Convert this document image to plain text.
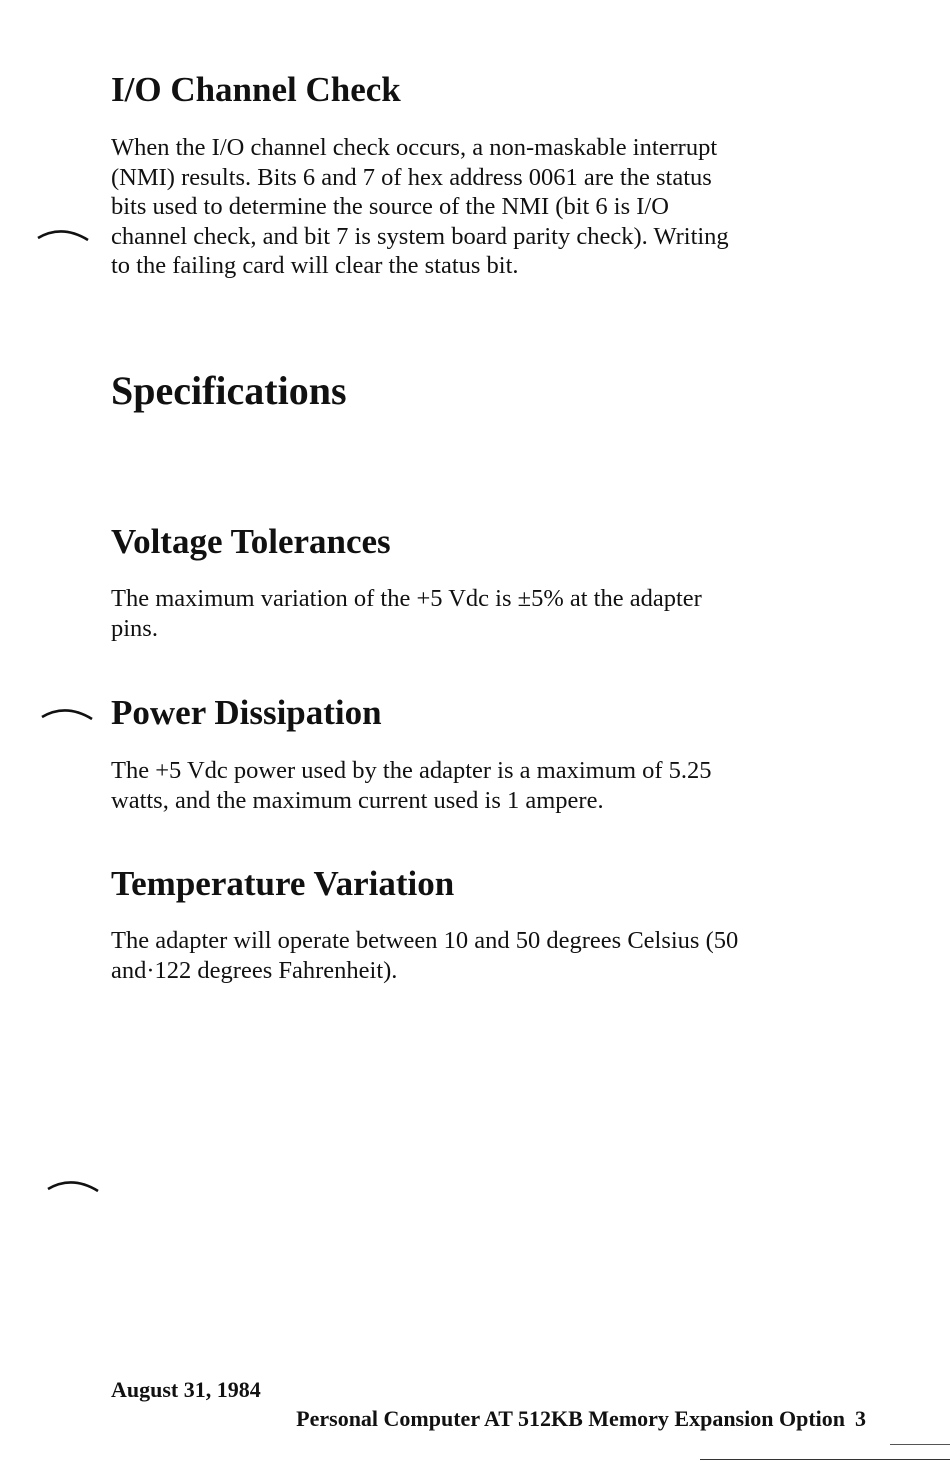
I/O Channel Check

When the I/O channel check occurs, a non-maskable interrupt
(NMI) results. Bits 6 and 7 of hex address 0061 are the status
bits used to determine the source of the NMI (bit 6 is I/O
channel check, and bit 7 is system board parity check). Writing
to the failing card will clear the status bit.

Specifications
Voltage Tolerances

The maximum variation of the +5 Vdc is ±5% at the adapter
pins.

Power Dissipation

The +5 Vdc power used by the adapter is a maximum of 5.25
watts, and the maximum current used is 1 ampere.

Temperature Variation

The adapter will operate between 10 and 50 degrees Celsius (50
and·122 degrees Fahrenheit).

August 31, 1984

Personal Computer AT 512KB Memory Expansion Option 3
